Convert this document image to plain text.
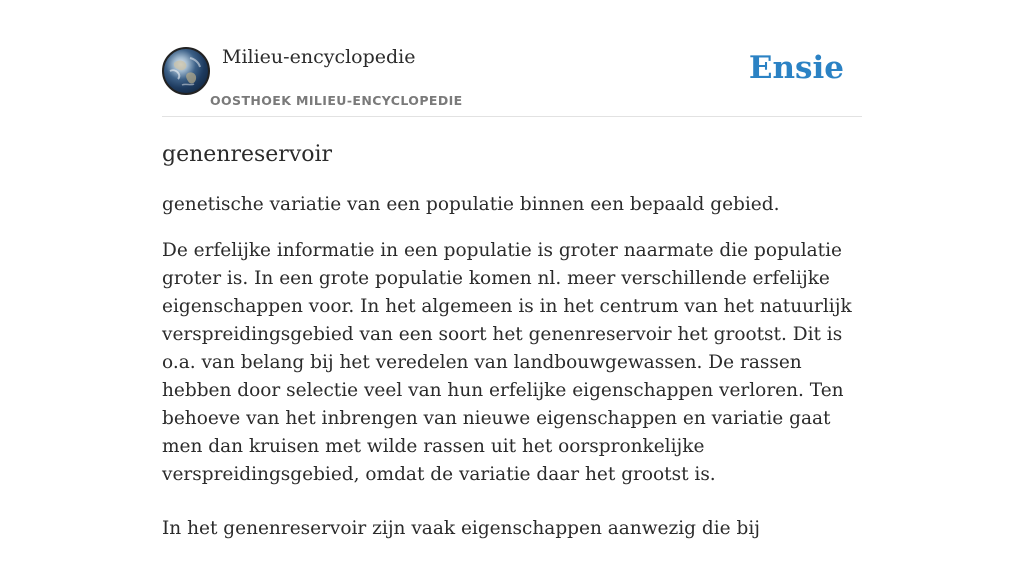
Milieu-encyclopedie
OOSTHOEK MILIEU-ENCYCLOPEDIE
Ensie
genenreservoir

genetische variatie van een populatie binnen een bepaald gebied.

De erfelijke informatie in een populatie is groter naarmate die populatie groter is. In een grote populatie komen nl. meer verschillende erfelijke eigenschappen voor. In het algemeen is in het centrum van het natuurlijk verspreidingsgebied van een soort het genenreservoir het grootst. Dit is o.a. van belang bij het veredelen van landbouwgewassen. De rassen hebben door selectie veel van hun erfelijke eigenschappen verloren. Ten behoeve van het inbrengen van nieuwe eigenschappen en variatie gaat men dan kruisen met wilde rassen uit het oorspronkelijke verspreidingsgebied, omdat de variatie daar het grootst is.

In het genenreservoir zijn vaak eigenschappen aanwezig die bij
